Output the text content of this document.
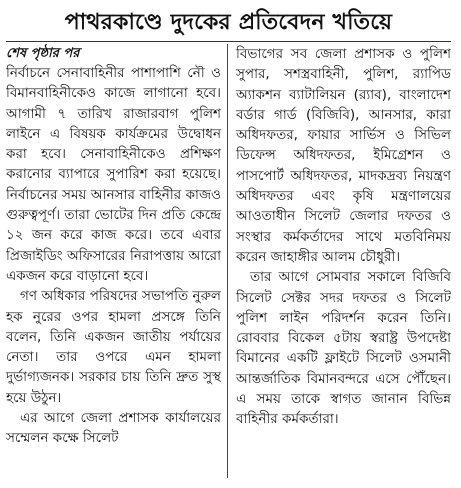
পাথরকাণ্ডে দুদকের প্রতিবেদন খতিয়ে
শেষ পৃষ্ঠার পর

নির্বাচনে সেনাবাহিনীর পাশাপাশি নৌ ও বিমানবাহিনীকেও কাজে লাগানো হবে। আগামী ৭ তারিখ রাজারবাগ পুলিশ লাইনে এ বিষয়ক কার্যক্রমের উদ্বোধন করা হবে। সেনাবাহিনীকেও প্রশিক্ষণ করানোর ব্যাপারে সুপারিশ করা হয়েছে। নির্বাচনের সময় আনসার বাহিনীর কাজও গুরুত্বপূর্ণ। তারা ভোটের দিন প্রতি কেন্দ্রে ১২ জন করে কাজ করে। তবে এবার প্রিজাইডিং অফিসারের নিরাপত্তায় আরো একজন করে বাড়ানো হবে।

গণ অধিকার পরিষদের সভাপতি নুরুল হক নুরের ওপর হামলা প্রসঙ্গে তিনি বলেন, তিনি একজন জাতীয় পর্যায়ের নেতা। তার ওপরে এমন হামলা দুর্ভাগ্যজনক। সরকার চায় তিনি দ্রুত সুস্থ হয়ে উঠুন।

এর আগে জেলা প্রশাসক কার্যালয়ের সম্মেলন কক্ষে সিলেট

বিভাগের সব জেলা প্রশাসক ও পুলিশ সুপার, সশস্ত্রবাহিনী, পুলিশ, র‍্যাপিড অ্যাকশন ব্যাটালিয়ন (র‍্যাব), বাংলাদেশ বর্ডার গার্ড (বিজিবি), আনসার, কারা অধিদফতর, ফায়ার সার্ভিস ও সিভিল ডিফেন্স অধিদফতর, ইমিগ্রেশন ও পাসপোর্ট অধিদফতর, মাদকদ্রব্য নিয়ন্ত্রণ অধিদফতর এবং কৃষি মন্ত্রণালয়ের আওতাধীন সিলেট জেলার দফতর ও সংস্থার কর্মকর্তাদের সাথে মতবিনিময় করেন জাহাঙ্গীর আলম চৌধুরী।

তার আগে সোমবার সকালে বিজিবি সিলেট সেক্টর সদর দফতর ও সিলেট পুলিশ লাইন পরিদর্শন করেন তিনি। রোববার বিকেল ৫টায় স্বরাষ্ট্র উপদেষ্টা বিমানের একটি ফ্লাইটে সিলেট ওসমানী আন্তর্জাতিক বিমানবন্দরে এসে পৌঁছেন। এ সময় তাকে স্বাগত জানান বিভিন্ন বাহিনীর কর্মকর্তারা।
